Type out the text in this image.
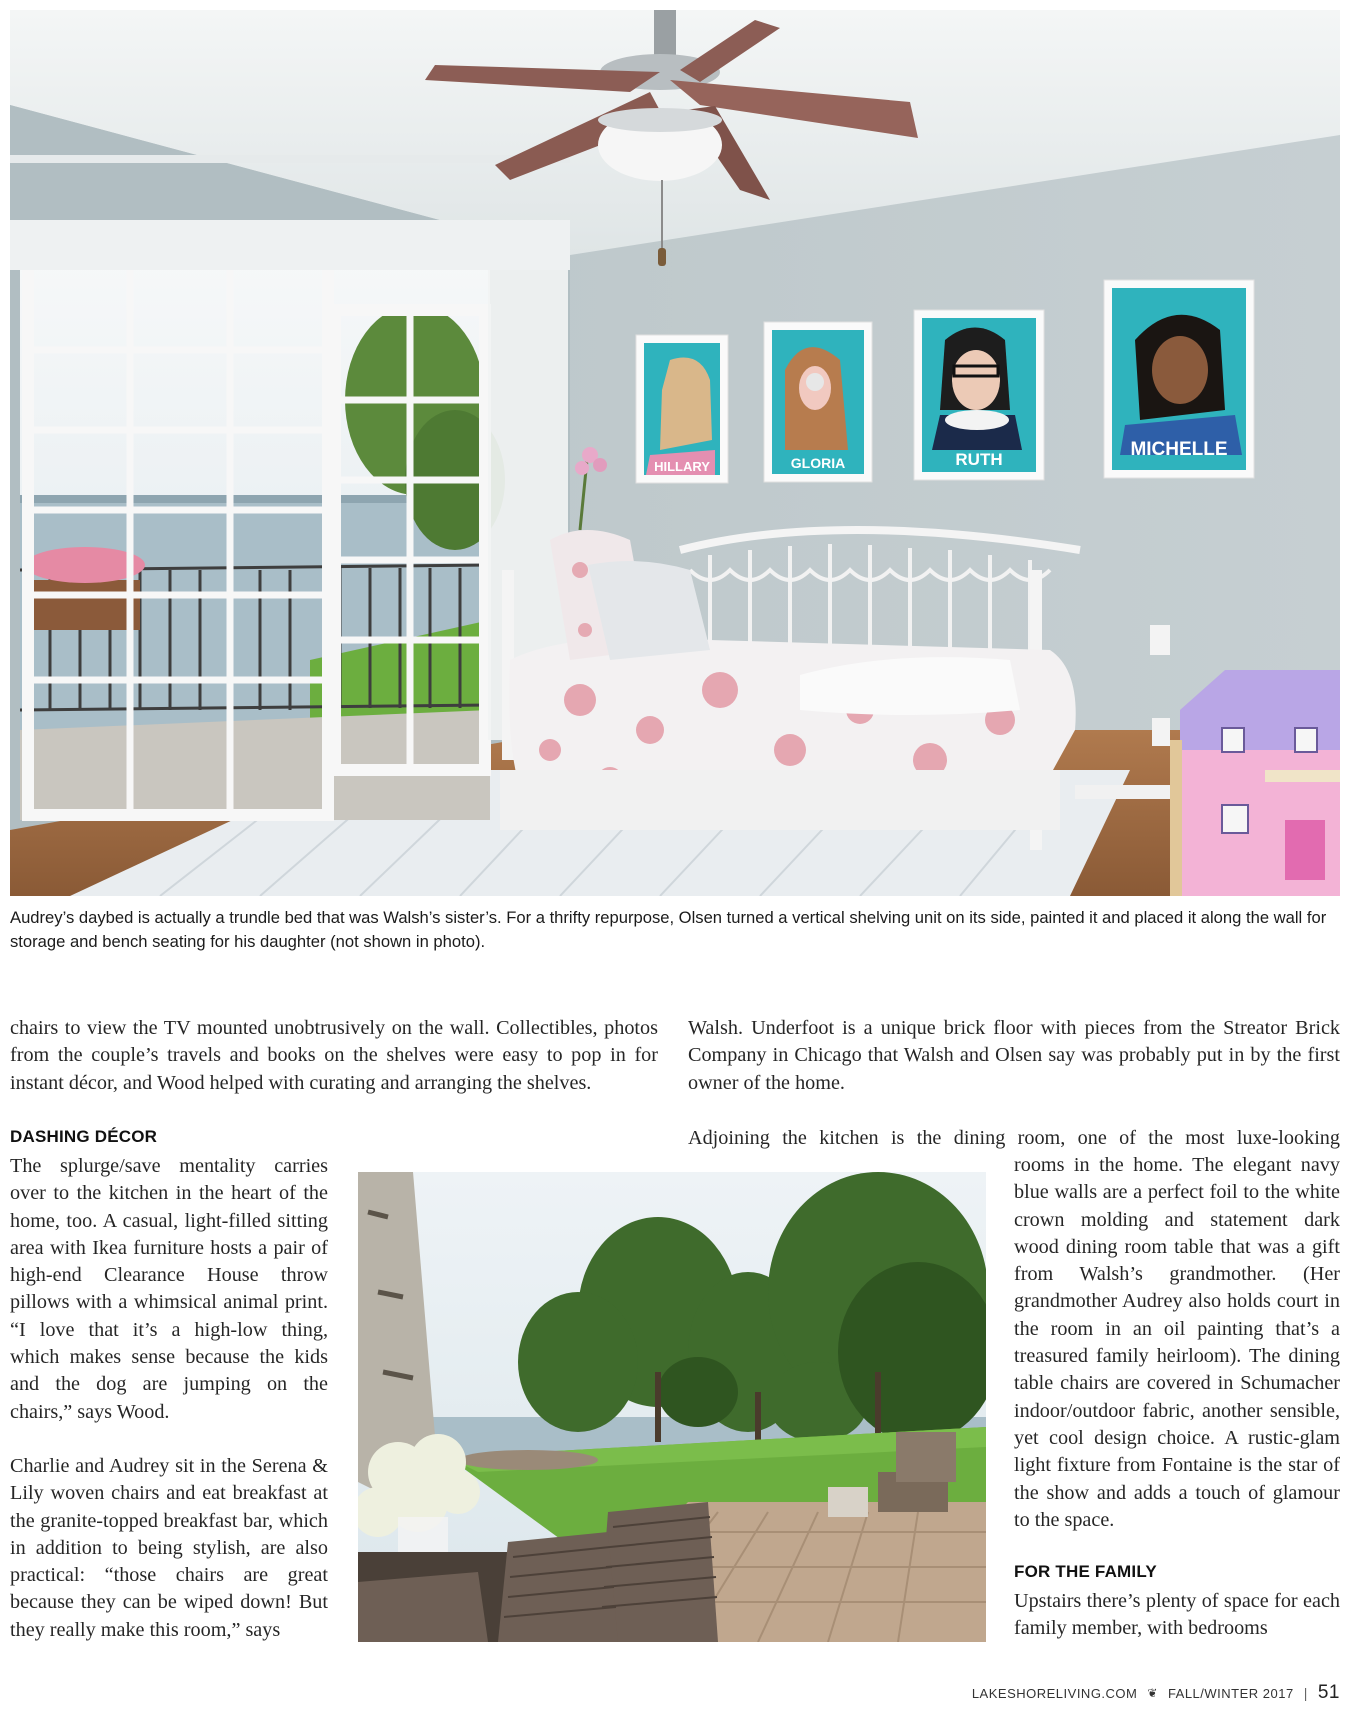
HILLARY	GLORIA	RUTH	MICHELLE
Audrey’s daybed is actually a trundle bed that was Walsh’s sister’s. For a thrifty repurpose, Olsen turned a vertical shelving unit on its side, painted it and placed it along the wall for storage and bench seating for his daughter (not shown in photo).

chairs to view the TV mounted unobtrusively on the wall. Collectibles, photos from the couple’s travels and books on the shelves were easy to pop in for instant décor, and Wood helped with curating and arranging the shelves.

Walsh. Underfoot is a unique brick floor with pieces from the Streator Brick Company in Chicago that Walsh and Olsen say was probably put in by the first owner of the home.

DASHING DÉCOR

The splurge/save mentality carries over to the kitchen in the heart of the home, too. A casual, light-filled sitting area with Ikea furniture hosts a pair of high-end Clearance House throw pillows with a whimsical animal print. “I love that it’s a high-low thing, which makes sense because the kids and the dog are jumping on the chairs,” says Wood.

Charlie and Audrey sit in the Serena & Lily woven chairs and eat breakfast at the granite-topped breakfast bar, which in addition to being stylish, are also practical: “those chairs are great because they can be wiped down! But they really make this room,” says

Adjoining the kitchen is the dining room, one of the most luxe-looking

rooms in the home. The elegant navy blue walls are a perfect foil to the white crown molding and statement dark wood dining room table that was a gift from Walsh’s grandmother. (Her grandmother Audrey also holds court in the room in an oil painting that’s a treasured family heirloom). The dining table chairs are covered in Schumacher indoor/outdoor fabric, another sensible, yet cool design choice. A rustic-glam light fixture from Fontaine is the star of the show and adds a touch of glamour to the space.

FOR THE FAMILY

Upstairs there’s plenty of space for each family member, with bedrooms

LAKESHORELIVING.COM ❦ FALL/WINTER 2017 | 51
